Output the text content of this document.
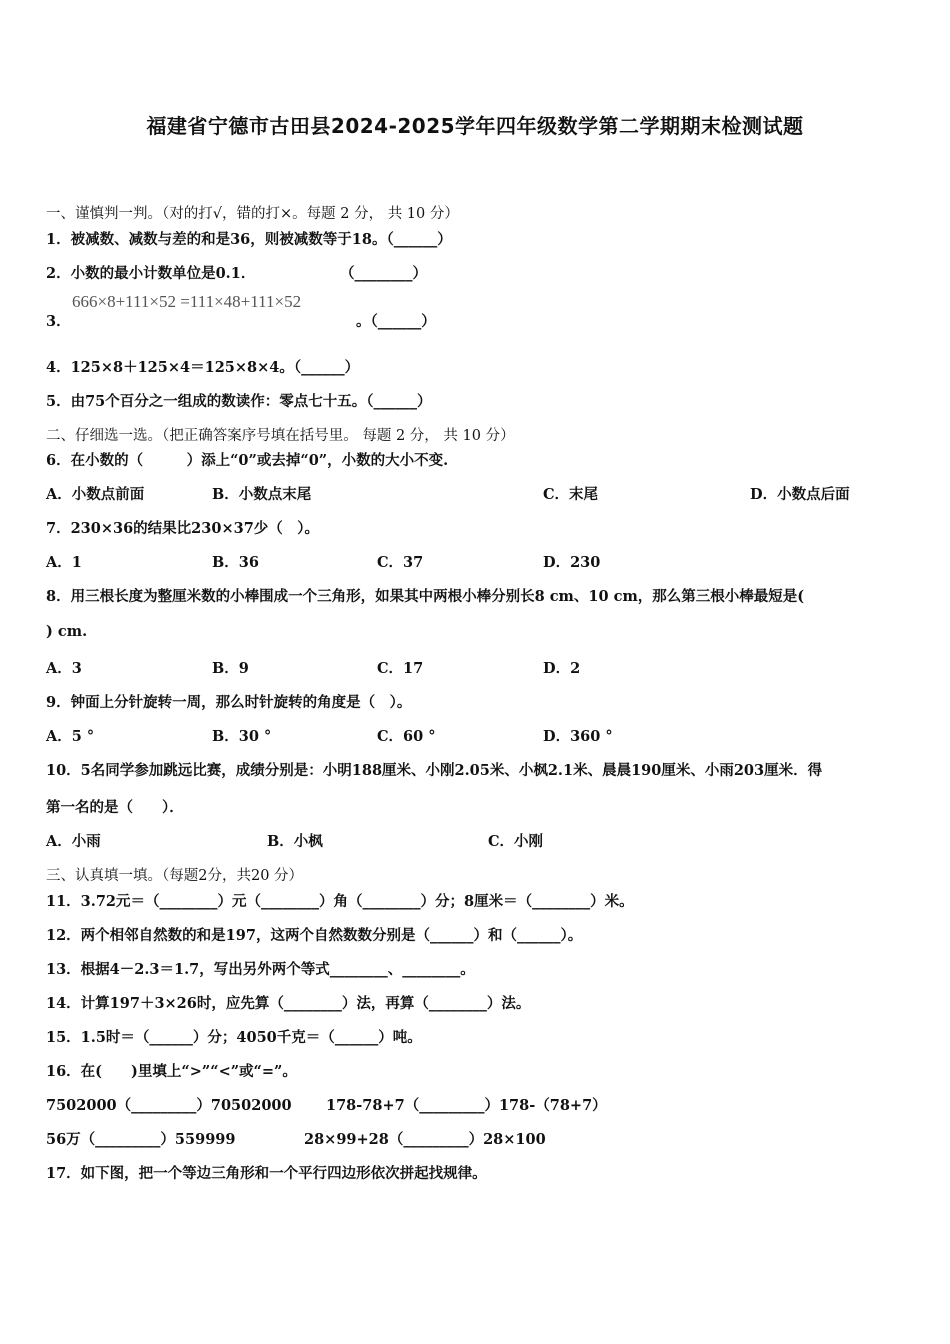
福建省宁德市古田县2024-2025学年四年级数学第二学期期末检测试题
一、谨慎判一判。（对的打√，错的打×。每题 2 分， 共 10 分）
1．被减数、减数与差的和是36，则被减数等于18。（______）
2．小数的最小计数单位是0.1．	（________）
3．
666×8+111×52 =111×48+111×52
。（______）
4．125×8＋125×4＝125×8×4。（______）
5．由75个百分之一组成的数读作：零点七十五。（______）
二、仔细选一选。（把正确答案序号填在括号里。 每题 2 分， 共 10 分）
6．在小数的（　　　）添上“0”或去掉“0”，小数的大小不变.
A．小数点前面	B．小数点末尾	C．末尾	D．小数点后面
7．230×36的结果比230×37少（　）。
A．1	B．36	C．37	D．230
8．用三根长度为整厘米数的小棒围成一个三角形，如果其中两根小棒分别长8 cm、10 cm，那么第三根小棒最短是(
) cm.
A．3	B．9	C．17	D．2
9．钟面上分针旋转一周，那么时针旋转的角度是（　）。
A．5 °	B．30 °	C．60 °	D．360 °
10．5名同学参加跳远比赛，成绩分别是：小明188厘米、小刚2.05米、小枫2.1米、晨晨190厘米、小雨203厘米．得
第一名的是（　　）．
A．小雨	B．小枫	C．小刚
三、认真填一填。（每题2分，共20 分）
11．3.72元＝（________）元（________）角（________）分；8厘米＝（________）米。
12．两个相邻自然数的和是197，这两个自然数数分别是（______）和（______）。
13．根据4－2.3＝1.7，写出另外两个等式________、________。
14．计算197＋3×26时，应先算（________）法，再算（________）法。
15．1.5时＝（______）分；4050千克＝（______）吨。
16．在(　　)里填上“>”“<”或“=”。
7502000（_________）70502000 178-78+7（_________）178-（78+7）
56万（_________）559999	28×99+28（_________）28×100
17．如下图，把一个等边三角形和一个平行四边形依次拼起找规律。
